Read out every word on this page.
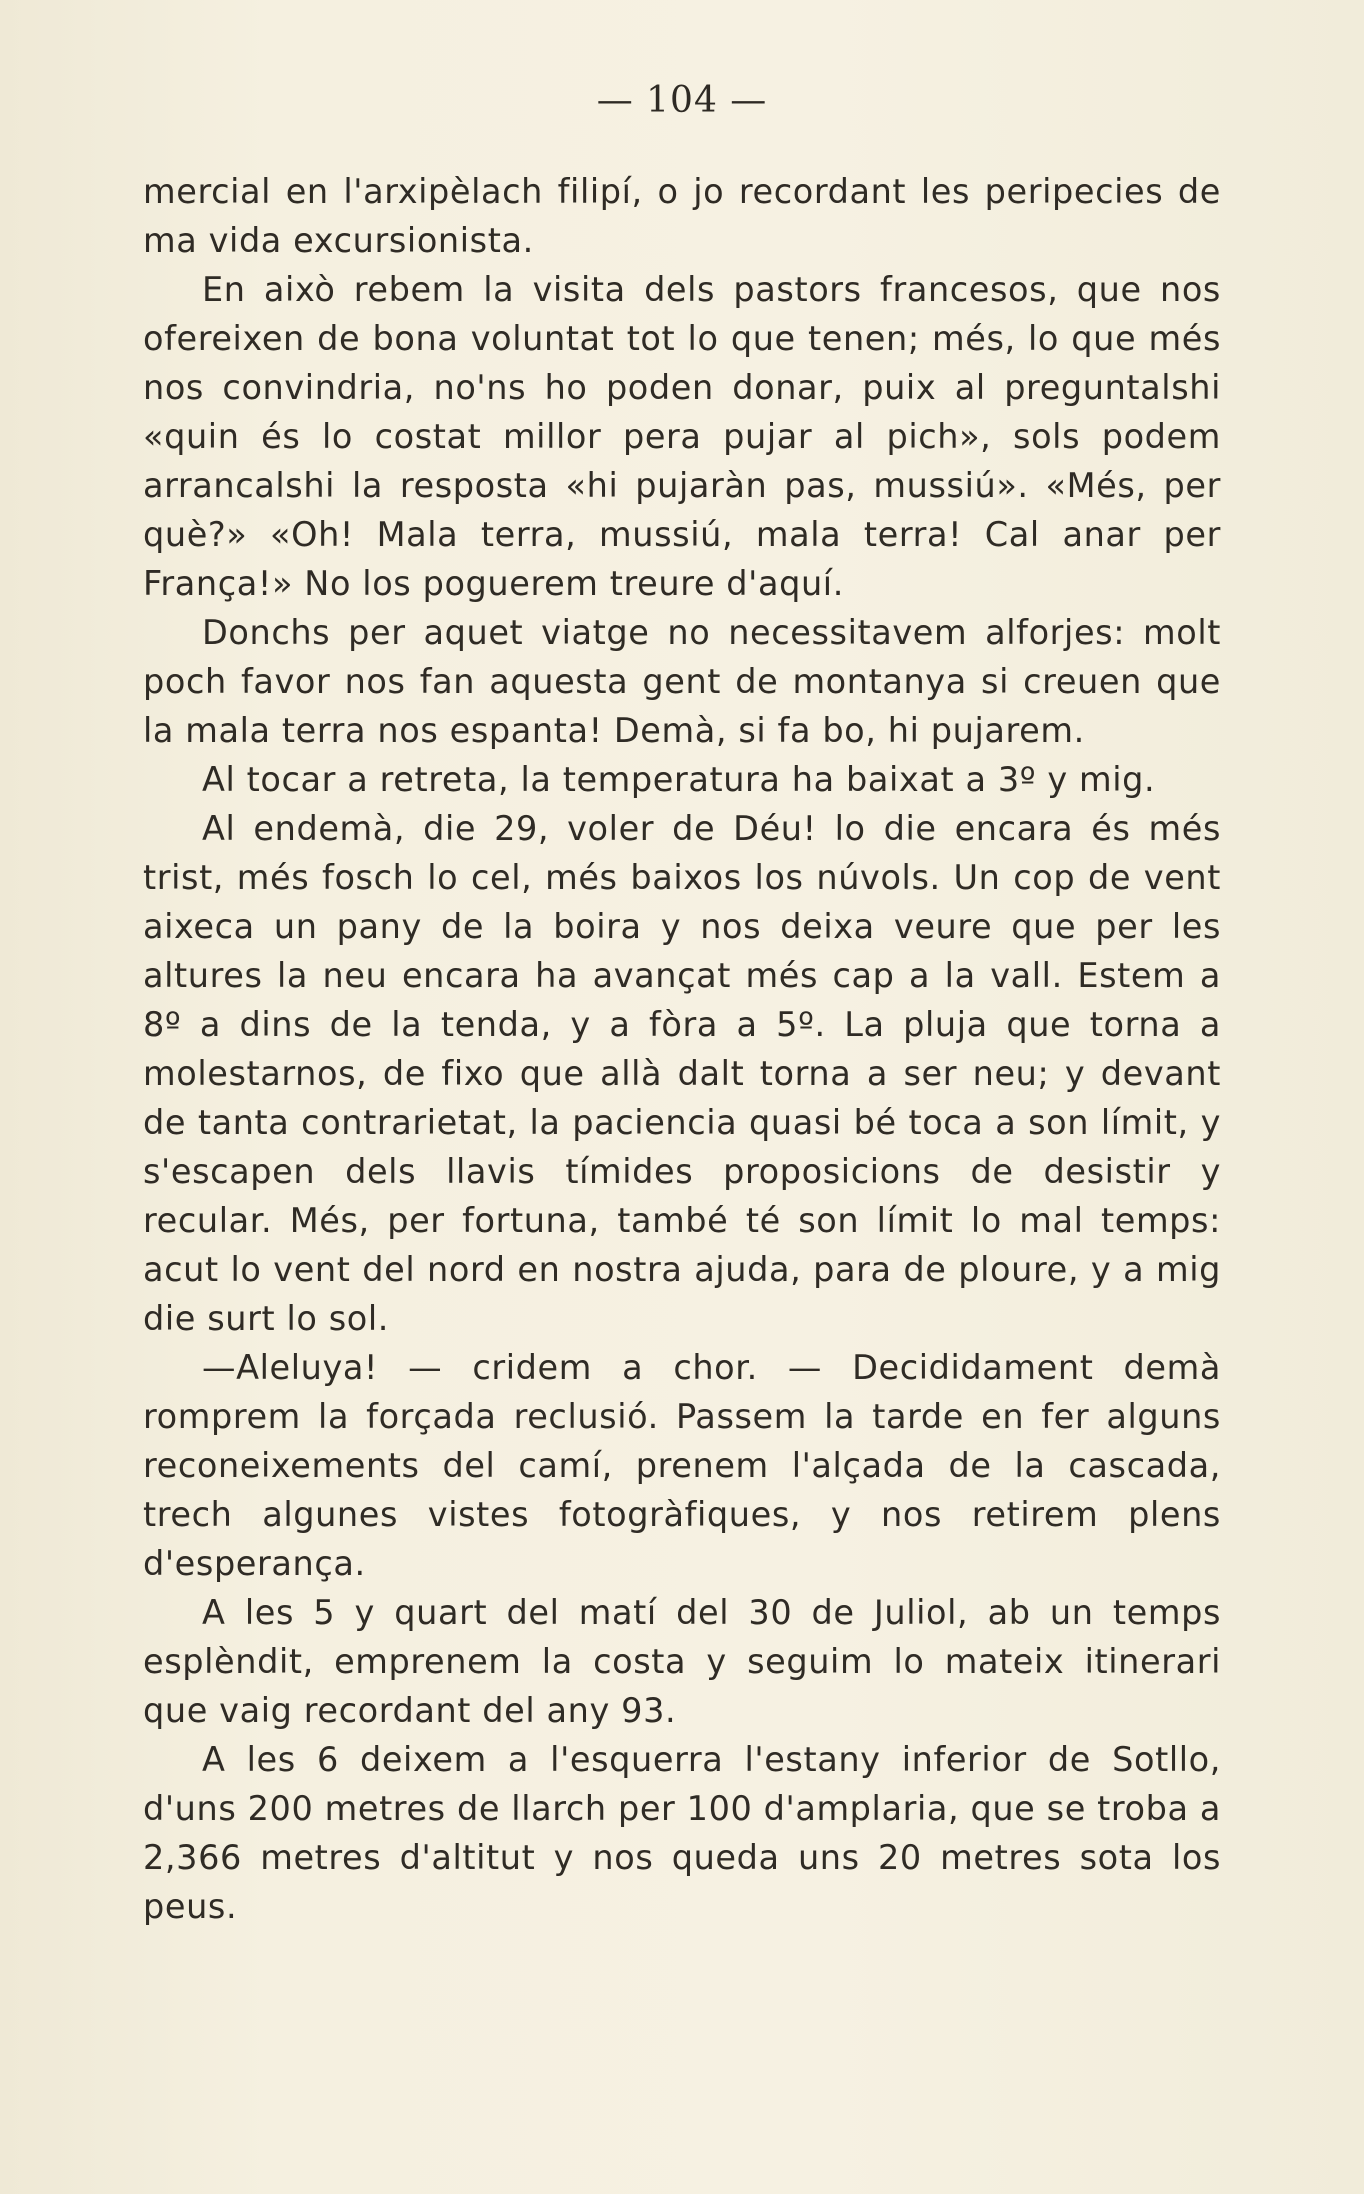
— 104 —

mercial en l'arxipèlach filipí, o jo recordant les peripecies de ma vida excursionista.

En això rebem la visita dels pastors francesos, que nos ofereixen de bona voluntat tot lo que tenen; més, lo que més nos convindria, no'ns ho poden donar, puix al preguntalshi «quin és lo costat millor pera pujar al pich», sols podem arrancalshi la resposta «hi pujaràn pas, mussiú». «Més, per què?» «Oh! Mala terra, mussiú, mala terra! Cal anar per França!» No los poguerem treure d'aquí.

Donchs per aquet viatge no necessitavem alforjes: molt poch favor nos fan aquesta gent de montanya si creuen que la mala terra nos espanta! Demà, si fa bo, hi pujarem.

Al tocar a retreta, la temperatura ha baixat a 3º y mig.

Al endemà, die 29, voler de Déu! lo die encara és més trist, més fosch lo cel, més baixos los núvols. Un cop de vent aixeca un pany de la boira y nos deixa veure que per les altures la neu encara ha avançat més cap a la vall. Estem a 8º a dins de la tenda, y a fòra a 5º. La pluja que torna a molestarnos, de fixo que allà dalt torna a ser neu; y devant de tanta contrarietat, la paciencia quasi bé toca a son límit, y s'escapen dels llavis tímides proposicions de desistir y recular. Més, per fortuna, també té son límit lo mal temps: acut lo vent del nord en nostra ajuda, para de ploure, y a mig die surt lo sol.

—Aleluya! — cridem a chor. — Decididament demà romprem la forçada reclusió. Passem la tarde en fer alguns reconeixements del camí, prenem l'alçada de la cascada, trech algunes vistes fotogràfiques, y nos retirem plens d'esperança.

A les 5 y quart del matí del 30 de Juliol, ab un temps esplèndit, emprenem la costa y seguim lo mateix itinerari que vaig recordant del any 93.

A les 6 deixem a l'esquerra l'estany inferior de Sotllo, d'uns 200 metres de llarch per 100 d'amplaria, que se troba a 2,366 metres d'altitut y nos queda uns 20 metres sota los peus.
